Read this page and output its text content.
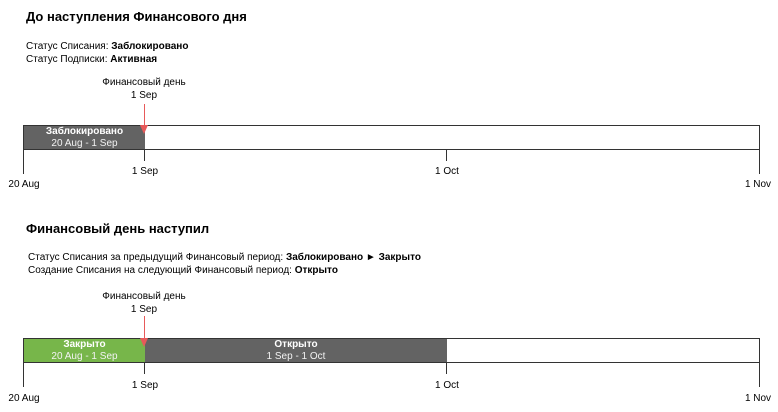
До наступления Финансового дня
Статус Списания: Заблокировано
Статус Подписки: Активная
Финансовый день
1 Sep
Заблокировано
20 Aug - 1 Sep
20 Aug
1 Sep	1 Oct
1 Nov
Финансовый день наступил
Статус Списания за предыдущий Финансовый период: Заблокировано ► Закрыто
Создание Списания на следующий Финансовый период: Открыто
Финансовый день
1 Sep
Закрыто
20 Aug - 1 Sep
Открыто
1 Sep - 1 Oct
20 Aug
1 Sep	1 Oct
1 Nov
